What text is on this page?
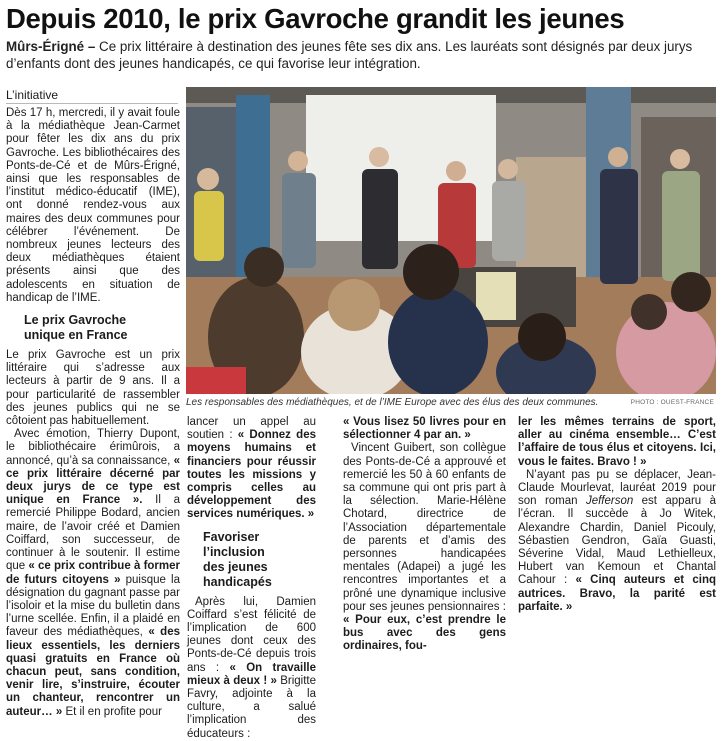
Depuis 2010, le prix Gavroche grandit les jeunes
Mûrs-Érigné – Ce prix littéraire à destination des jeunes fête ses dix ans. Les lauréats sont désignés par deux jurys d’enfants dont des jeunes handicapés, ce qui favorise leur intégration.
L’initiative

Dès 17 h, mercredi, il y avait foule à la médiathèque Jean-Carmet pour fêter les dix ans du prix Gavroche. Les bibliothécaires des Ponts-de-Cé et de Mûrs-Érigné, ainsi que les responsables de l’institut médico-éducatif (IME), ont donné rendez-vous aux maires des deux communes pour célébrer l’événement. De nombreux jeunes lecteurs des deux médiathèques étaient présents ainsi que des adolescents en situation de handicap de l’IME.

Le prix Gavroche
unique en France

Le prix Gavroche est un prix littéraire qui s’adresse aux lecteurs à partir de 9 ans. Il a pour particularité de rassembler des jeunes publics qui ne se côtoient pas habituellement.

Avec émotion, Thierry Dupont, le bibliothécaire érimûrois, a annoncé, qu’à sa connaissance, « ce prix littéraire décerné par deux jurys de ce type est unique en France ». Il a remercié Philippe Bodard, ancien maire, de l’avoir créé et Damien Coiffard, son successeur, de continuer à le soutenir. Il estime que « ce prix contribue à former de futurs citoyens » puisque la désignation du gagnant passe par l’isoloir et la mise du bulletin dans l’urne scellée. Enfin, il a plaidé en faveur des médiathèques, « des lieux essentiels, les derniers quasi gratuits en France où chacun peut, sans condition, venir lire, s’instruire, écouter un chanteur, rencontrer un auteur… » Et il en profite pour

Les responsables des médiathèques, et de l’IME Europe avec des élus des deux communes.	PHOTO : OUEST-FRANCE

lancer un appel au soutien : « Donnez des moyens humains et financiers pour réussir toutes les missions y compris celles au développement des services numériques. »

Favoriser l’inclusion
des jeunes handicapés

Après lui, Damien Coiffard s’est félicité de l’implication de 600 jeunes dont ceux des Ponts-de-Cé depuis trois ans : « On travaille mieux à deux ! » Brigitte Favry, adjointe à la culture, a salué l’implication des éducateurs :

« Vous lisez 50 livres pour en sélectionner 4 par an. »

Vincent Guibert, son collègue des Ponts-de-Cé a approuvé et remercié les 50 à 60 enfants de sa commune qui ont pris part à la sélection. Marie-Hélène Chotard, directrice de l’Association départementale de parents et d’amis des personnes handicapées mentales (Adapei) a jugé les rencontres importantes et a prôné une dynamique inclusive pour ses jeunes pensionnaires : « Pour eux, c’est prendre le bus avec des gens ordinaires, fou-

ler les mêmes terrains de sport, aller au cinéma ensemble… C’est l’affaire de tous élus et citoyens. Ici, vous le faites. Bravo ! »

N’ayant pas pu se déplacer, Jean-Claude Mourlevat, lauréat 2019 pour son roman Jefferson est apparu à l’écran. Il succède à Jo Witek, Alexandre Chardin, Daniel Picouly, Sébastien Gendron, Gaïa Guasti, Séverine Vidal, Maud Lethielleux, Hubert van Kemoun et Chantal Cahour : « Cinq auteurs et cinq autrices. Bravo, la parité est parfaite. »
